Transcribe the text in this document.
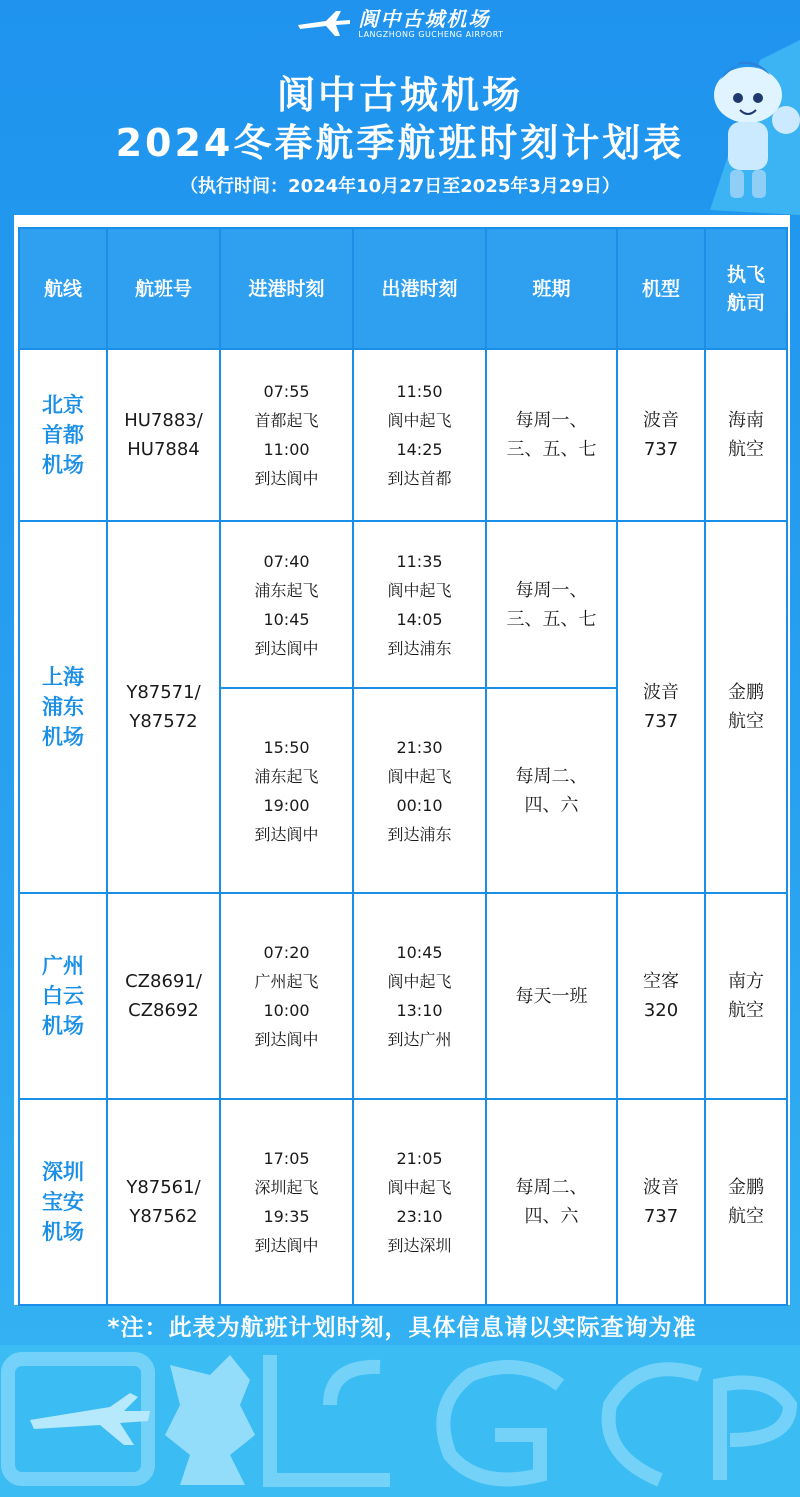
阆中古城机场
LANGZHONG GUCHENG AIRPORT
阆中古城机场
2024冬春航季航班时刻计划表
（执行时间：2024年10月27日至2025年3月29日）
航线	航班号	进港时刻	出港时刻	班期	机型	执飞
航司

北京
首都
机场	HU7883/
HU7884	07:55
首都起飞
11:00
到达阆中	11:50
阆中起飞
14:25
到达首都	每周一、
三、五、七	波音
737	海南
航空

上海
浦东
机场	Y87571/
Y87572	07:40
浦东起飞
10:45
到达阆中	11:35
阆中起飞
14:05
到达浦东	每周一、
三、五、七	波音
737	金鹏
航空

		15:50
浦东起飞
19:00
到达阆中	21:30
阆中起飞
00:10
到达浦东	每周二、
四、六		

广州
白云
机场	CZ8691/
CZ8692	07:20
广州起飞
10:00
到达阆中	10:45
阆中起飞
13:10
到达广州	每天一班	空客
320	南方
航空

深圳
宝安
机场	Y87561/
Y87562	17:05
深圳起飞
19:35
到达阆中	21:05
阆中起飞
23:10
到达深圳	每周二、
四、六	波音
737	金鹏
航空
*注：此表为航班计划时刻，具体信息请以实际查询为准
